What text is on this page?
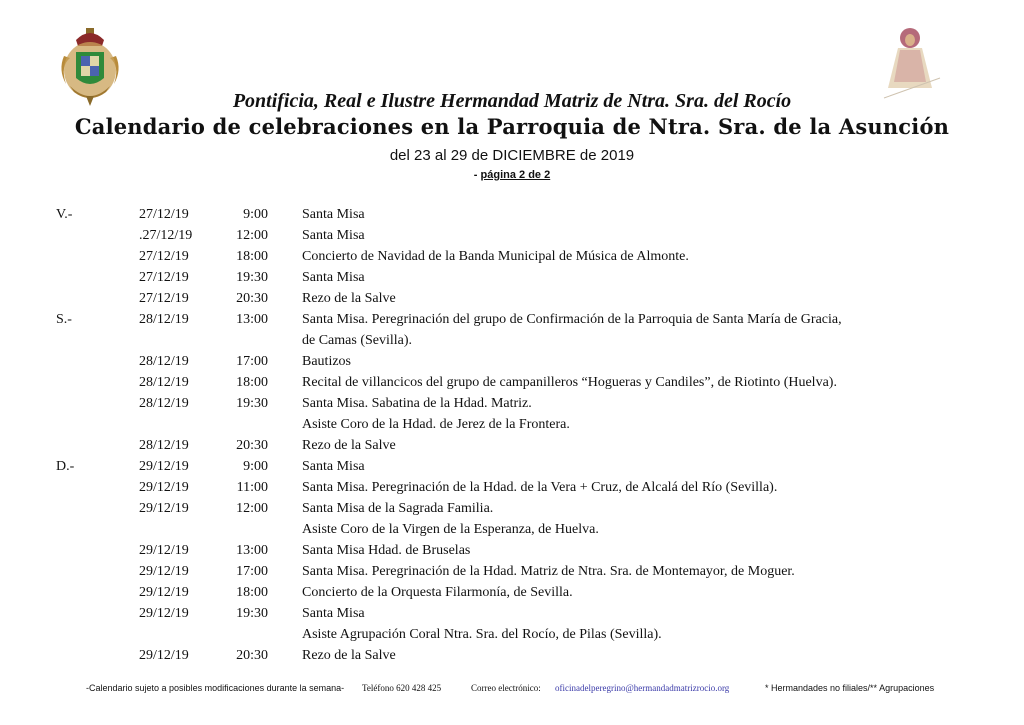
Pontificia, Real e Ilustre Hermandad Matriz de Ntra. Sra. del Rocío
Calendario de celebraciones en la Parroquia de Ntra. Sra. de la Asunción
del 23 al 29 de DICIEMBRE de 2019
- página 2 de 2
V.-	27/12/19	9:00 Santa Misa
.27/12/19	12:00 Santa Misa
27/12/19	18:00 Concierto de Navidad de la Banda Municipal de Música de Almonte.
27/12/19	19:30 Santa Misa
27/12/19	20:30 Rezo de la Salve
S.-	28/12/19	13:00 Santa Misa. Peregrinación del grupo de Confirmación de la Parroquia de Santa María de Gracia,
de Camas (Sevilla).
28/12/19	17:00 Bautizos
28/12/19	18:00 Recital de villancicos del grupo de campanilleros “Hogueras y Candiles”, de Riotinto (Huelva).
28/12/19	19:30 Santa Misa. Sabatina de la Hdad. Matriz.
Asiste Coro de la Hdad. de Jerez de la Frontera.
28/12/19	20:30 Rezo de la Salve
D.-	29/12/19	9:00 Santa Misa
29/12/19	11:00 Santa Misa. Peregrinación de la Hdad. de la Vera + Cruz, de Alcalá del Río (Sevilla).
29/12/19	12:00 Santa Misa de la Sagrada Familia.
Asiste Coro de la Virgen de la Esperanza, de Huelva.
29/12/19	13:00 Santa Misa Hdad. de Bruselas
29/12/19	17:00 Santa Misa. Peregrinación de la Hdad. Matriz de Ntra. Sra. de Montemayor, de Moguer.
29/12/19	18:00 Concierto de la Orquesta Filarmonía, de Sevilla.
29/12/19	19:30 Santa Misa
Asiste Agrupación Coral Ntra. Sra. del Rocío, de Pilas (Sevilla).
29/12/19	20:30 Rezo de la Salve
-Calendario sujeto a posibles modificaciones durante la semana- Teléfono 620 428 425	Correo electrónico: oficinadelperegrino@hermandadmatrizrocio.org	* Hermandades no filiales/** Agrupaciones
